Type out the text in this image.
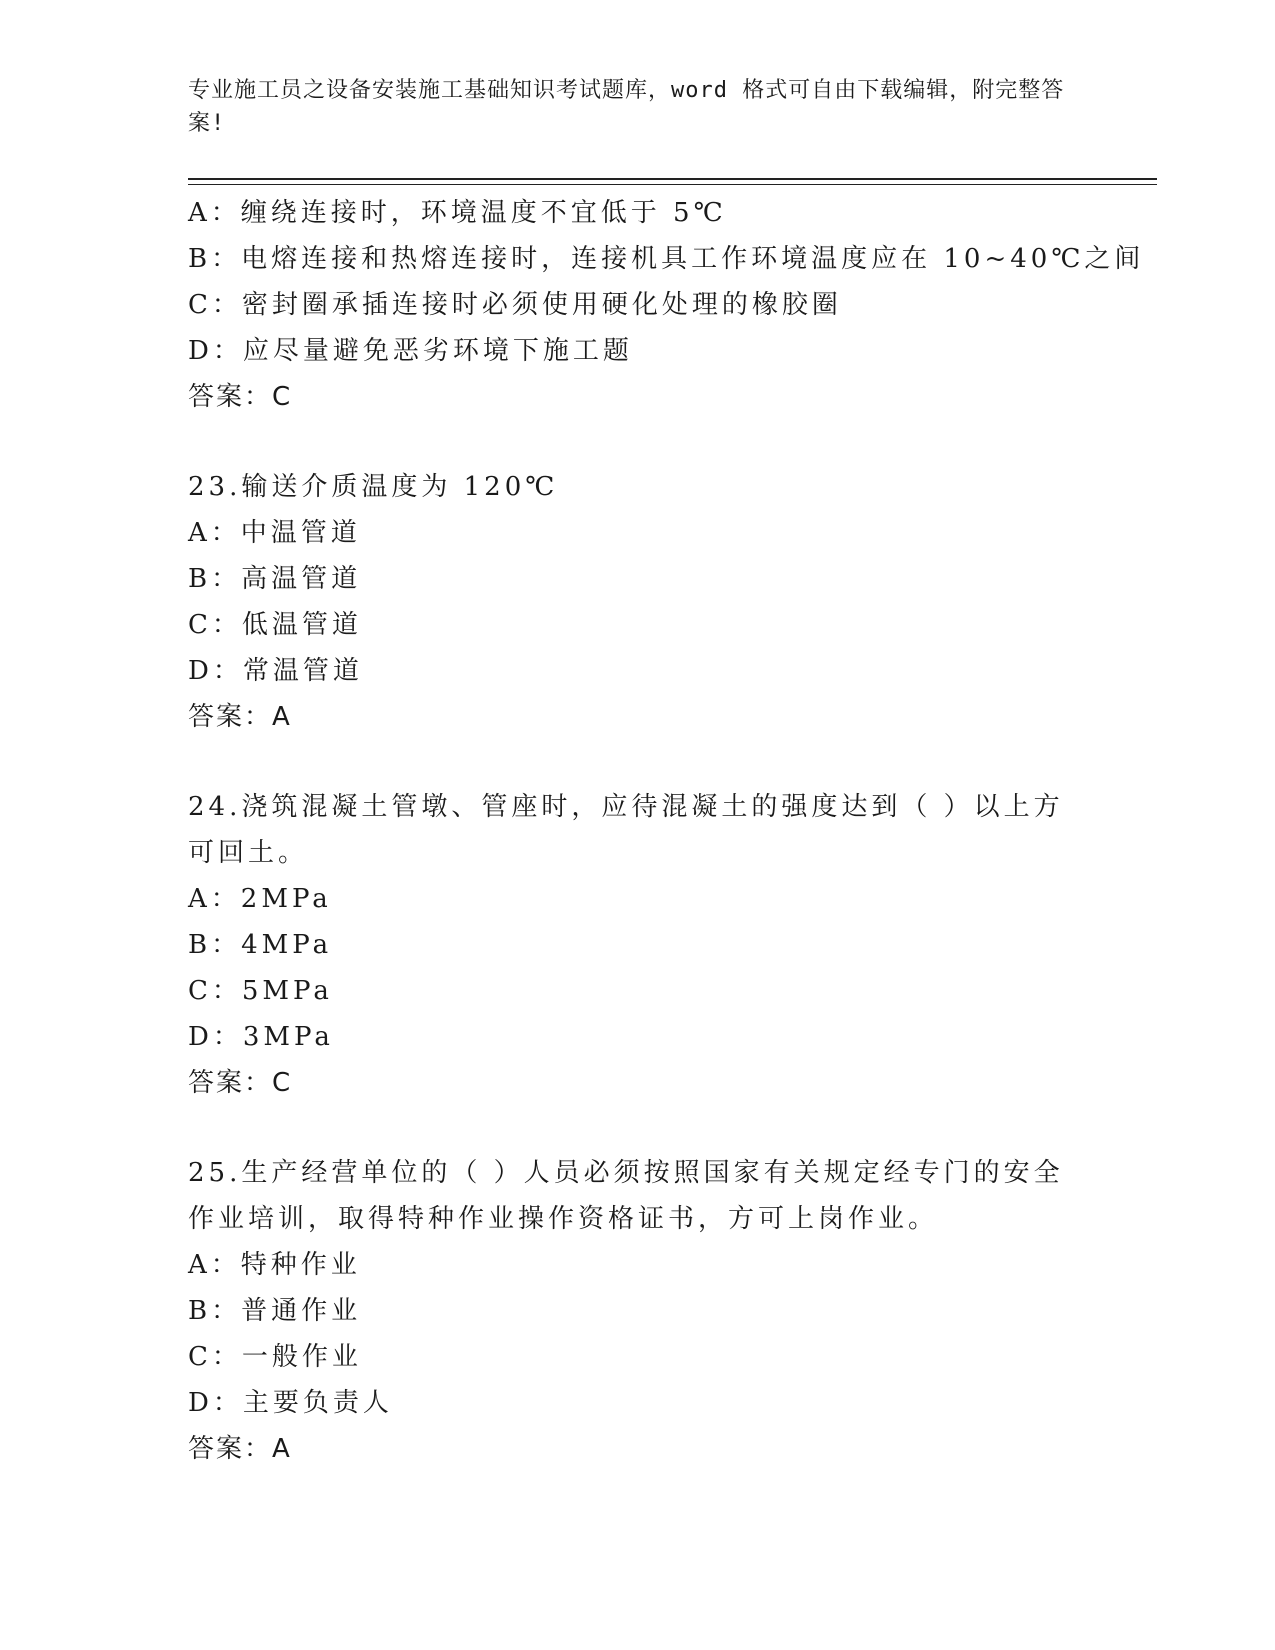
专业施工员之设备安装施工基础知识考试题库，word 格式可自由下载编辑，附完整答案!
A：缠绕连接时，环境温度不宜低于 5℃
B：电熔连接和热熔连接时，连接机具工作环境温度应在 10~40℃之间
C：密封圈承插连接时必须使用硬化处理的橡胶圈
D：应尽量避免恶劣环境下施工题
答案：C
23.输送介质温度为 120℃
A：中温管道
B：高温管道
C：低温管道
D：常温管道
答案：A
24.浇筑混凝土管墩、管座时，应待混凝土的强度达到（ ）以上方可回土。
A：2MPa
B：4MPa
C：5MPa
D：3MPa
答案：C
25.生产经营单位的（ ）人员必须按照国家有关规定经专门的安全作业培训，取得特种作业操作资格证书，方可上岗作业。
A：特种作业
B：普通作业
C：一般作业
D：主要负责人
答案：A
